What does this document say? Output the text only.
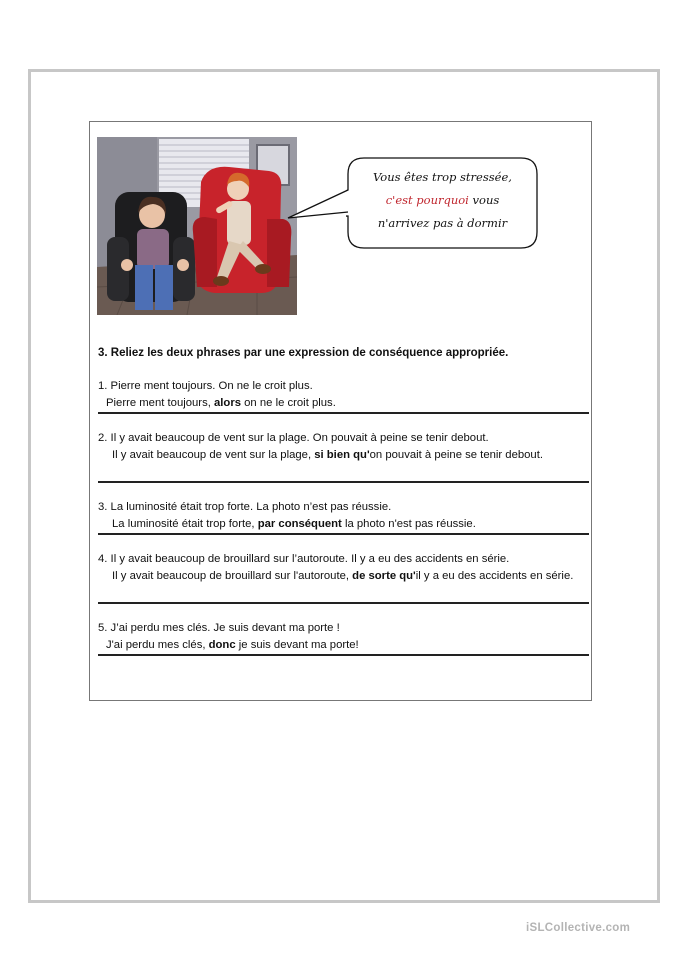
Vous êtes trop stressée,
c'est pourquoi vous
n'arrivez pas à dormir
3. Reliez les deux phrases par une expression de conséquence appropriée.

1. Pierre ment toujours. On ne le croit plus.

Pierre ment toujours, alors on ne le croit plus.

2. Il y avait beaucoup de vent sur la plage. On pouvait à peine se tenir debout.

Il y avait beaucoup de vent sur la plage, si bien qu'on pouvait à peine se tenir debout.

3. La luminosité était trop forte. La photo n’est pas réussie.

La luminosité était trop forte, par conséquent la photo n'est pas réussie.

4. Il y avait beaucoup de brouillard sur l’autoroute. Il y a eu des accidents en série.

Il y avait beaucoup de brouillard sur l'autoroute, de sorte qu'il y a eu des accidents en série.

5. J’ai perdu mes clés. Je suis devant ma porte !

J'ai perdu mes clés, donc je suis devant ma porte!

iSLCollective.com
